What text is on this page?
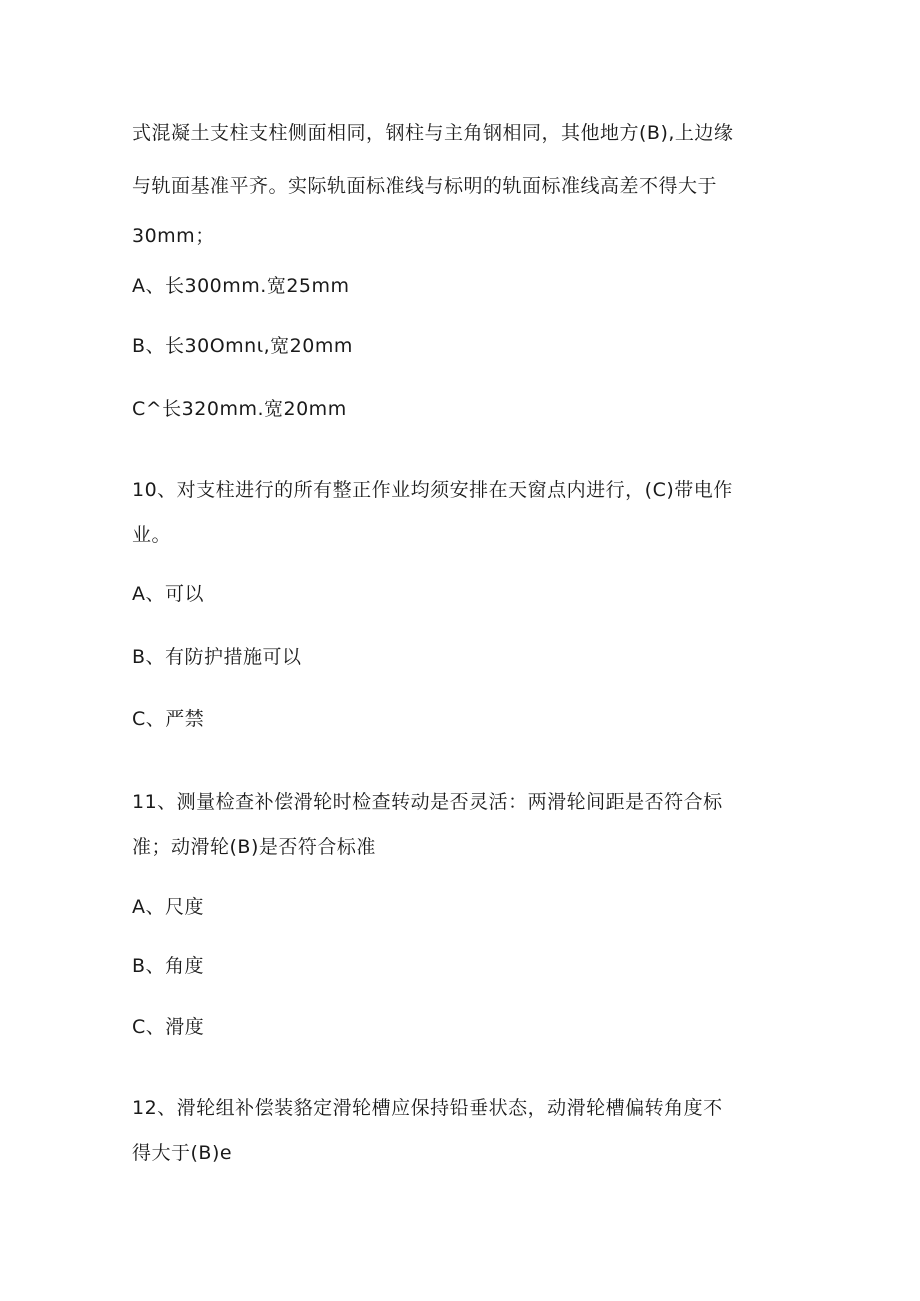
式混凝土支柱支柱侧面相同，钢柱与主角钢相同，其他地方(B),上边缘
与轨面基准平齐。实际轨面标准线与标明的轨面标准线高差不得大于
30mm；
A、长300mm.宽25mm
B、长30Omnι,宽20mm
C^长320mm.宽20mm
10、对支柱进行的所有整正作业均须安排在天窗点内进行，(C)带电作
业。
A、可以
B、有防护措施可以
C、严禁
11、测量检查补偿滑轮时检查转动是否灵活：两滑轮间距是否符合标
准；动滑轮(B)是否符合标准
A、尺度
B、角度
C、滑度
12、滑轮组补偿装貉定滑轮槽应保持铅垂状态，动滑轮槽偏转角度不
得大于(B)e
